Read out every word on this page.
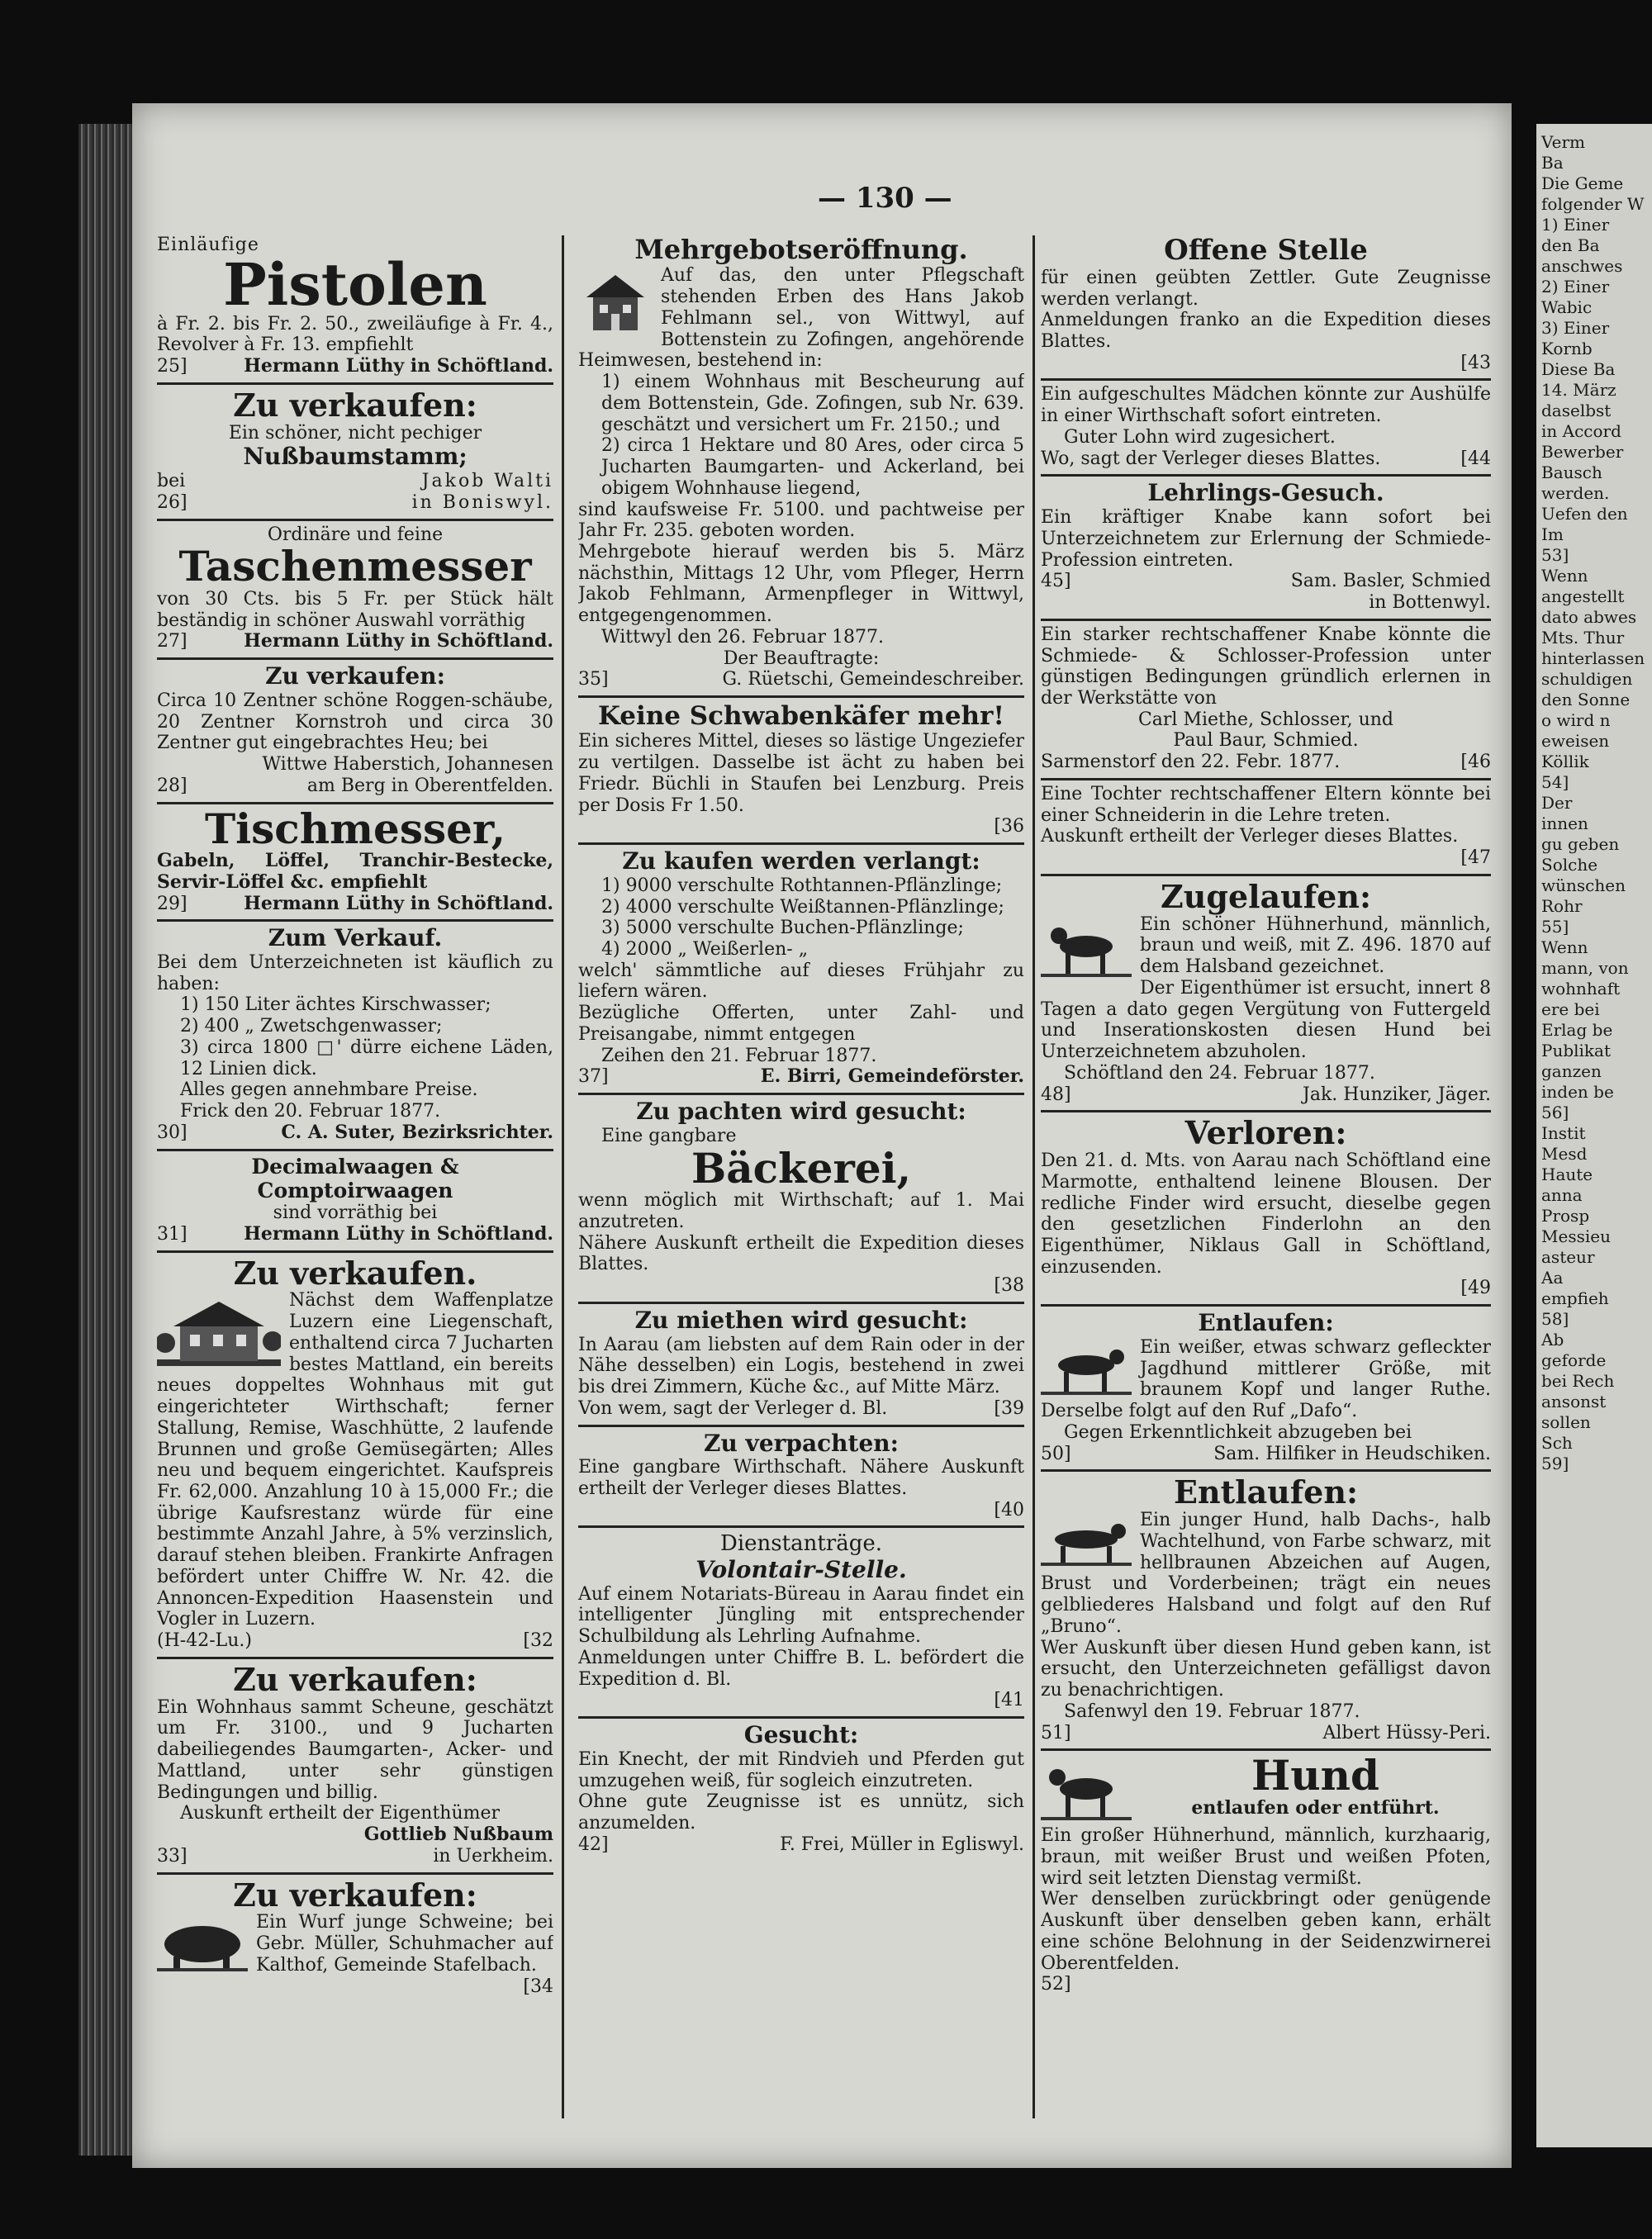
Verm
Ba
Die Geme
folgender W
1) Einer
den Ba
anschwes
2) Einer
Wabic
3) Einer
Kornb
Diese Ba
14. März
daselbst
in Accord
Bewerber
Bausch
werden.
Uefen den
Im
53]
Wenn
angestellt
dato abwes
Mts. Thur
hinterlassen
schuldigen
den Sonne
o wird n
eweisen
Köllik
54]
Der
innen
gu geben
Solche
wünschen
Rohr
55]
Wenn
mann, von
wohnhaft
ere bei
Erlag be
Publikat
ganzen
inden be
56]
Instit
Mesd
Haute
anna
Prosp
Messieu
asteur
Aa
empfieh
58]
Ab
geforde
bei Rech
ansonst
sollen
Sch
59]
— 130 —
Einläufige
Pistolen
à Fr. 2. bis Fr. 2. 50., zweiläufige à Fr. 4., Revolver à Fr. 13. empfiehlt
25]	Hermann Lüthy in Schöftland.
Zu verkaufen:
Ein schöner, nicht pechiger
Nußbaumstamm;
bei	Jakob Walti
26]	in Boniswyl.
Ordinäre und feine
Taschenmesser
von 30 Cts. bis 5 Fr. per Stück hält beständig in schöner Auswahl vorräthig
27]	Hermann Lüthy in Schöftland.
Zu verkaufen:
Circa 10 Zentner schöne Roggen-schäube, 20 Zentner Kornstroh und circa 30 Zentner gut eingebrachtes Heu; bei
Wittwe Haberstich, Johannesen
28]	am Berg in Oberentfelden.
Tischmesser,
Gabeln, Löffel, Tranchir-Bestecke, Servir-Löffel &c. empfiehlt
29]	Hermann Lüthy in Schöftland.
Zum Verkauf.
Bei dem Unterzeichneten ist käuflich zu haben:
1) 150 Liter ächtes Kirschwasser;
2) 400 „ Zwetschgenwasser;
3) circa 1800 □' dürre eichene Läden, 12 Linien dick.
Alles gegen annehmbare Preise.
Frick den 20. Februar 1877.
30]	C. A. Suter, Bezirksrichter.
Decimalwaagen & Comptoirwaagen
sind vorräthig bei
31]	Hermann Lüthy in Schöftland.
Zu verkaufen.
Nächst dem Waffenplatze Luzern eine Liegenschaft, enthaltend circa 7 Jucharten bestes Mattland, ein bereits neues doppeltes Wohnhaus mit gut eingerichteter Wirthschaft; ferner Stallung, Remise, Waschhütte, 2 laufende Brunnen und große Gemüsegärten; Alles neu und bequem eingerichtet. Kaufspreis Fr. 62,000. Anzahlung 10 à 15,000 Fr.; die übrige Kaufsrestanz würde für eine bestimmte Anzahl Jahre, à 5% verzinslich, darauf stehen bleiben. Frankirte Anfragen befördert unter Chiffre W. Nr. 42. die Annoncen-Expedition Haasenstein und Vogler in Luzern.
(H-42-Lu.)	[32
Zu verkaufen:
Ein Wohnhaus sammt Scheune, geschätzt um Fr. 3100., und 9 Jucharten dabeiliegendes Baumgarten-, Acker- und Mattland, unter sehr günstigen Bedingungen und billig.
Auskunft ertheilt der Eigenthümer
Gottlieb Nußbaum
33]	in Uerkheim.
Zu verkaufen:
Ein Wurf junge Schweine; bei Gebr. Müller, Schuhmacher auf Kalthof, Gemeinde Stafelbach.
[34
Mehrgebotseröffnung.
Auf das, den unter Pflegschaft stehenden Erben des Hans Jakob Fehlmann sel., von Wittwyl, auf Bottenstein zu Zofingen, angehörende Heimwesen, bestehend in:
1) einem Wohnhaus mit Bescheurung auf dem Bottenstein, Gde. Zofingen, sub Nr. 639. geschätzt und versichert um Fr. 2150.; und
2) circa 1 Hektare und 80 Ares, oder circa 5 Jucharten Baumgarten- und Ackerland, bei obigem Wohnhause liegend,
sind kaufsweise Fr. 5100. und pachtweise per Jahr Fr. 235. geboten worden.
Mehrgebote hierauf werden bis 5. März nächsthin, Mittags 12 Uhr, vom Pfleger, Herrn Jakob Fehlmann, Armenpfleger in Wittwyl, entgegengenommen.
Wittwyl den 26. Februar 1877.
Der Beauftragte:
35]	G. Rüetschi, Gemeindeschreiber.
Keine Schwabenkäfer mehr!
Ein sicheres Mittel, dieses so lästige Ungeziefer zu vertilgen. Dasselbe ist ächt zu haben bei Friedr. Büchli in Staufen bei Lenzburg. Preis per Dosis Fr 1.50.
[36
Zu kaufen werden verlangt:
1) 9000 verschulte Rothtannen-Pflänzlinge;
2) 4000 verschulte Weißtannen-Pflänzlinge;
3) 5000 verschulte Buchen-Pflänzlinge;
4) 2000 „ Weißerlen- „
welch' sämmtliche auf dieses Frühjahr zu liefern wären.
Bezügliche Offerten, unter Zahl- und Preisangabe, nimmt entgegen
Zeihen den 21. Februar 1877.
37]	E. Birri, Gemeindeförster.
Zu pachten wird gesucht:
Eine gangbare
Bäckerei,
wenn möglich mit Wirthschaft; auf 1. Mai anzutreten.
Nähere Auskunft ertheilt die Expedition dieses Blattes.
[38
Zu miethen wird gesucht:
In Aarau (am liebsten auf dem Rain oder in der Nähe desselben) ein Logis, bestehend in zwei bis drei Zimmern, Küche &c., auf Mitte März.
Von wem, sagt der Verleger d. Bl.	[39
Zu verpachten:
Eine gangbare Wirthschaft. Nähere Auskunft ertheilt der Verleger dieses Blattes.
[40
Dienstanträge.
Volontair-Stelle.
Auf einem Notariats-Büreau in Aarau findet ein intelligenter Jüngling mit entsprechender Schulbildung als Lehrling Aufnahme.
Anmeldungen unter Chiffre B. L. befördert die Expedition d. Bl.
[41
Gesucht:
Ein Knecht, der mit Rindvieh und Pferden gut umzugehen weiß, für sogleich einzutreten.
Ohne gute Zeugnisse ist es unnütz, sich anzumelden.
42]	F. Frei, Müller in Egliswyl.
Offene Stelle
für einen geübten Zettler. Gute Zeugnisse werden verlangt.
Anmeldungen franko an die Expedition dieses Blattes.
[43
Ein aufgeschultes Mädchen könnte zur Aushülfe in einer Wirthschaft sofort eintreten.
Guter Lohn wird zugesichert.
Wo, sagt der Verleger dieses Blattes.	[44
Lehrlings-Gesuch.
Ein kräftiger Knabe kann sofort bei Unterzeichnetem zur Erlernung der Schmiede-Profession eintreten.
45]	Sam. Basler, Schmied
in Bottenwyl.
Ein starker rechtschaffener Knabe könnte die Schmiede- & Schlosser-Profession unter günstigen Bedingungen gründlich erlernen in der Werkstätte von
Carl Miethe, Schlosser, und
Paul Baur, Schmied.
Sarmenstorf den 22. Febr. 1877.	[46
Eine Tochter rechtschaffener Eltern könnte bei einer Schneiderin in die Lehre treten.
Auskunft ertheilt der Verleger dieses Blattes.
[47
Zugelaufen:
Ein schöner Hühnerhund, männlich, braun und weiß, mit Z. 496. 1870 auf dem Halsband gezeichnet.
Der Eigenthümer ist ersucht, innert 8 Tagen a dato gegen Vergütung von Futtergeld und Inserationskosten diesen Hund bei Unterzeichnetem abzuholen.
Schöftland den 24. Februar 1877.
48]	Jak. Hunziker, Jäger.
Verloren:
Den 21. d. Mts. von Aarau nach Schöftland eine Marmotte, enthaltend leinene Blousen. Der redliche Finder wird ersucht, dieselbe gegen den gesetzlichen Finderlohn an den Eigenthümer, Niklaus Gall in Schöftland, einzusenden.
[49
Entlaufen:
Ein weißer, etwas schwarz gefleckter Jagdhund mittlerer Größe, mit braunem Kopf und langer Ruthe. Derselbe folgt auf den Ruf „Dafo“.
Gegen Erkenntlichkeit abzugeben bei
50]	Sam. Hilfiker in Heudschiken.
Entlaufen:
Ein junger Hund, halb Dachs-, halb Wachtelhund, von Farbe schwarz, mit hellbraunen Abzeichen auf Augen, Brust und Vorderbeinen; trägt ein neues gelbliederes Halsband und folgt auf den Ruf „Bruno“.
Wer Auskunft über diesen Hund geben kann, ist ersucht, den Unterzeichneten gefälligst davon zu benachrichtigen.
Safenwyl den 19. Februar 1877.
51]	Albert Hüssy-Peri.
Hund
entlaufen oder entführt.
Ein großer Hühnerhund, männlich, kurzhaarig, braun, mit weißer Brust und weißen Pfoten, wird seit letzten Dienstag vermißt.
Wer denselben zurückbringt oder genügende Auskunft über denselben geben kann, erhält eine schöne Belohnung in der Seidenzwirnerei Oberentfelden.
52]
